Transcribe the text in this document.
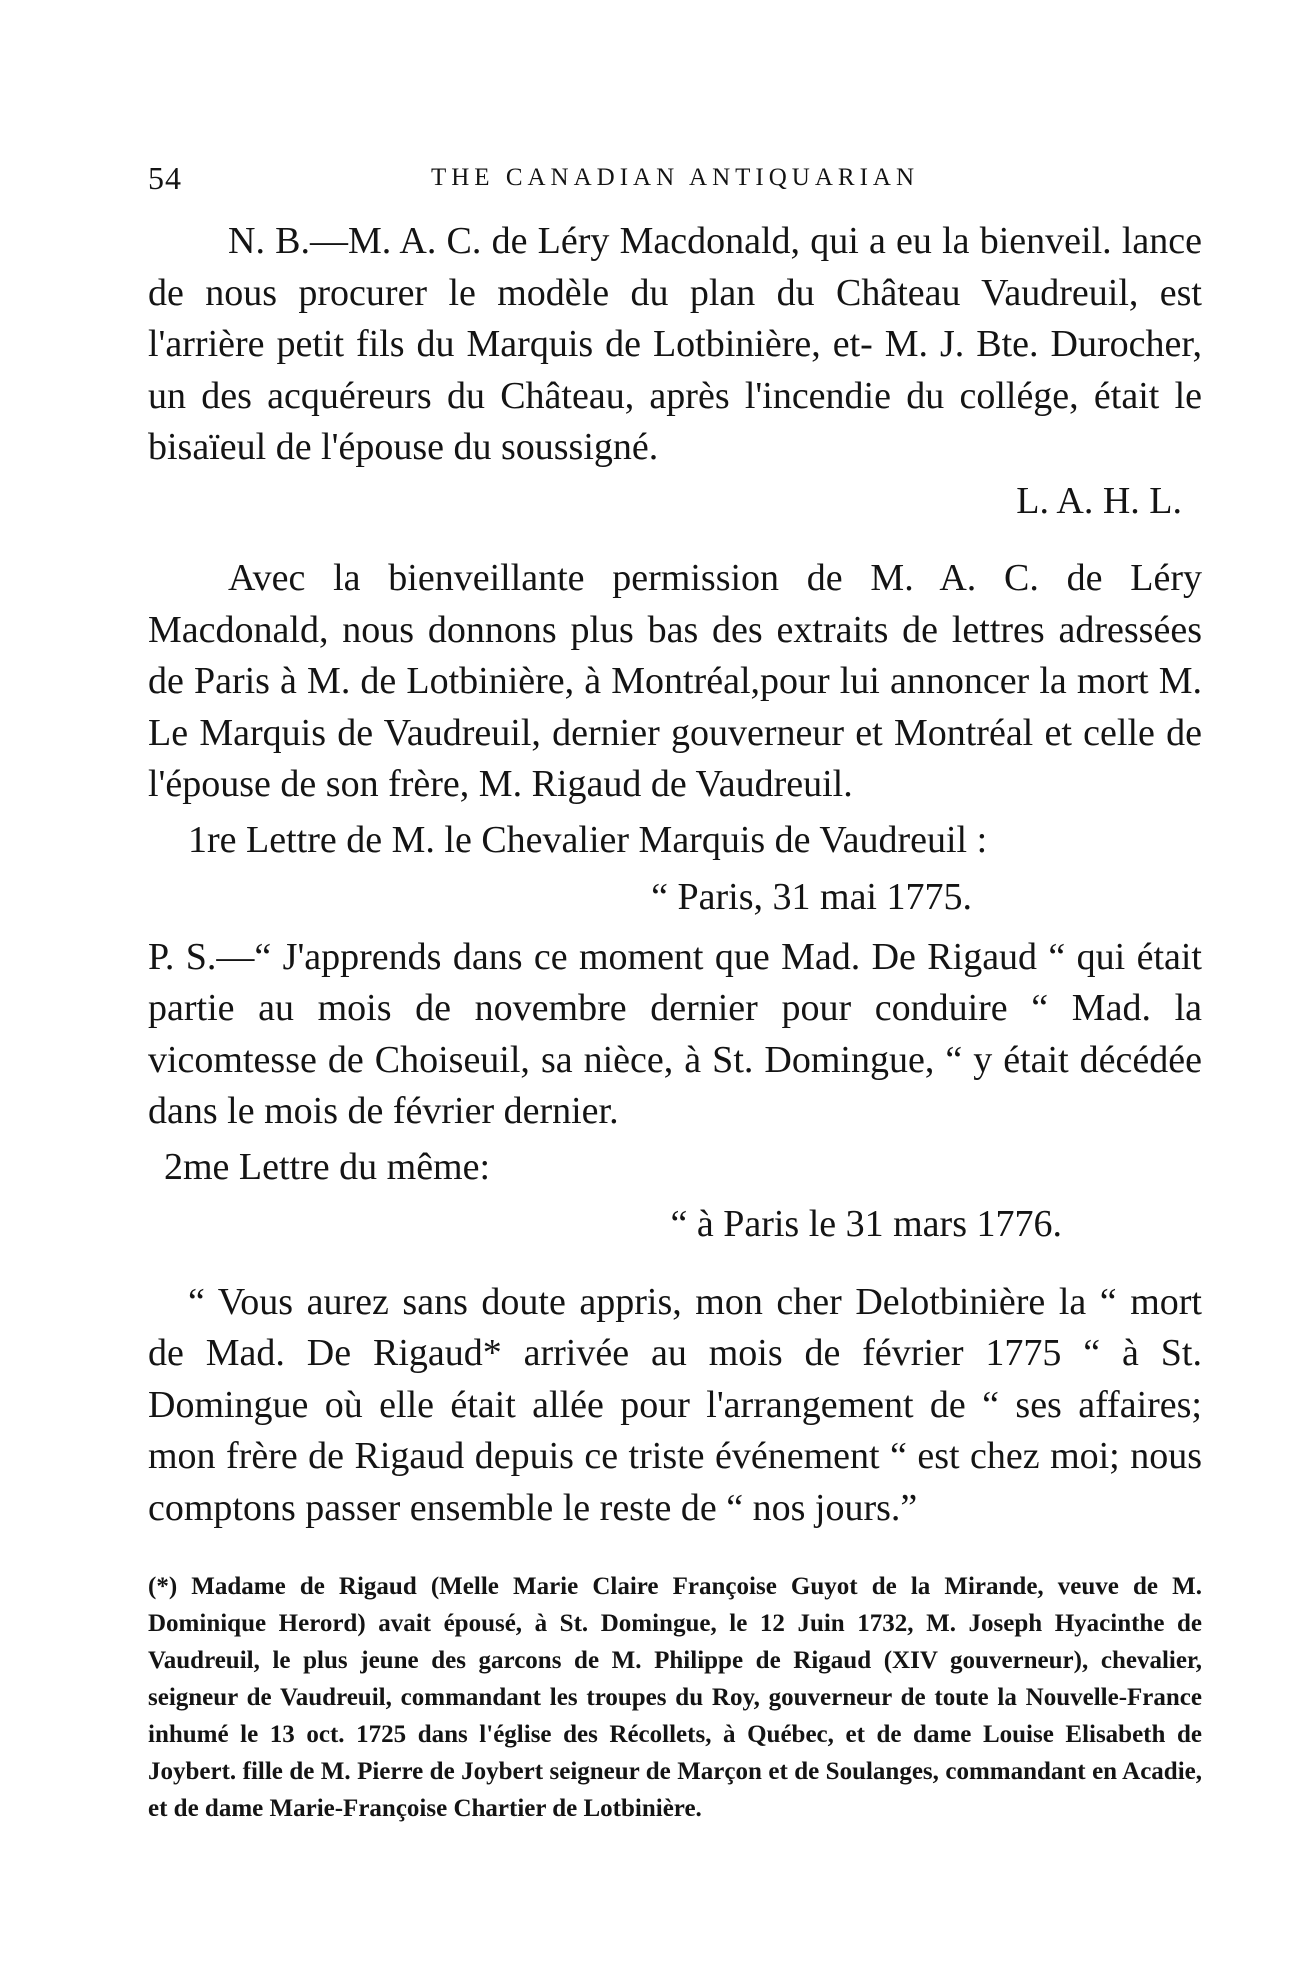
54	THE CANADIAN ANTIQUARIAN

N. B.—M. A. C. de Léry Macdonald, qui a eu la bienveil. lance de nous procurer le modèle du plan du Château Vaudreuil, est l'arrière petit fils du Marquis de Lotbinière, et- M. J. Bte. Durocher, un des acquéreurs du Château, après l'incendie du collége, était le bisaïeul de l'épouse du soussigné.

L. A. H. L.

Avec la bienveillante permission de M. A. C. de Léry Macdonald, nous donnons plus bas des extraits de lettres adressées de Paris à M. de Lotbinière, à Montréal,pour lui annoncer la mort M. Le Marquis de Vaudreuil, dernier gouverneur et Montréal et celle de l'épouse de son frère, M. Rigaud de Vaudreuil.

1re Lettre de M. le Chevalier Marquis de Vaudreuil :

“ Paris, 31 mai 1775.

P. S.—“ J'apprends dans ce moment que Mad. De Rigaud “ qui était partie au mois de novembre dernier pour conduire “ Mad. la vicomtesse de Choiseuil, sa nièce, à St. Domingue, “ y était décédée dans le mois de février dernier.

2me Lettre du même:

“ à Paris le 31 mars 1776.

“ Vous aurez sans doute appris, mon cher Delotbinière la “ mort de Mad. De Rigaud* arrivée au mois de février 1775 “ à St. Domingue où elle était allée pour l'arrangement de “ ses affaires; mon frère de Rigaud depuis ce triste événement “ est chez moi; nous comptons passer ensemble le reste de “ nos jours.”

(*) Madame de Rigaud (Melle Marie Claire Françoise Guyot de la Mirande, veuve de M. Dominique Herord) avait épousé, à St. Domingue, le 12 Juin 1732, M. Joseph Hyacinthe de Vaudreuil, le plus jeune des garcons de M. Philippe de Rigaud (XIV gouverneur), chevalier, seigneur de Vaudreuil, commandant les troupes du Roy, gouverneur de toute la Nouvelle-France inhumé le 13 oct. 1725 dans l'église des Récollets, à Québec, et de dame Louise Elisabeth de Joybert. fille de M. Pierre de Joybert seigneur de Marçon et de Soulanges, commandant en Acadie, et de dame Marie-Françoise Chartier de Lotbinière.
